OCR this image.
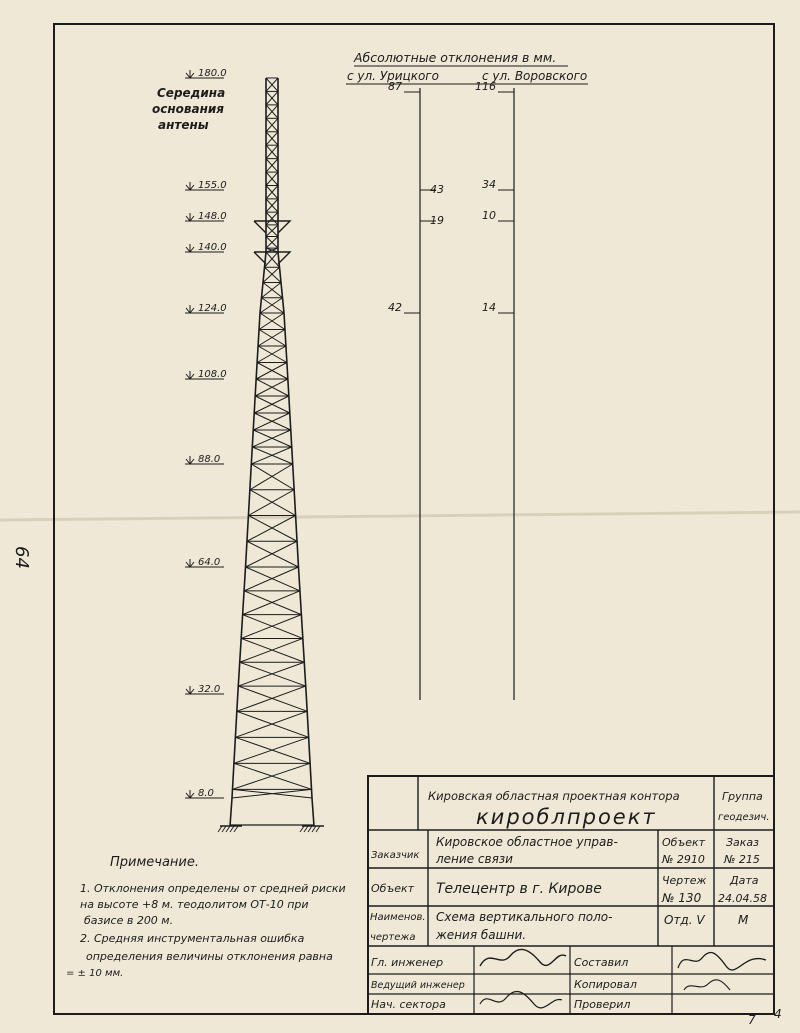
Абсолютные отклонения в мм.
с ул. Урицкого	с ул. Воровского
Середина
основания
антены
180.0
155.0
148.0
140.0
124.0
108.0
88.0
64.0
32.0
8.0
87
43
19
42
116
34
10
14
64
Примечание.
1. Отклонения определены от средней риски
на высоте +8 м. теодолитом ОТ-10 при
базисе в 200 м.
2. Средняя инструментальная ошибка
определения величины отклонения равна
= ± 10 мм.
Кировская областная проектная контора
кироблпроект
Группа
геодезич.
Заказчик
Кировское областное управ-
ление связи
Объект
№ 2910
Заказ
№ 215
Объект Телецентр в г. Кирове
Чертеж
№ 130
Дата
24.04.58
Наименов.
чертежа
Схема вертикального поло-
жения башни.
Отд. V	М
Гл. инженер
Ведущий инженер
Нач. сектора
Составил
Копировал
Проверил
7 4
